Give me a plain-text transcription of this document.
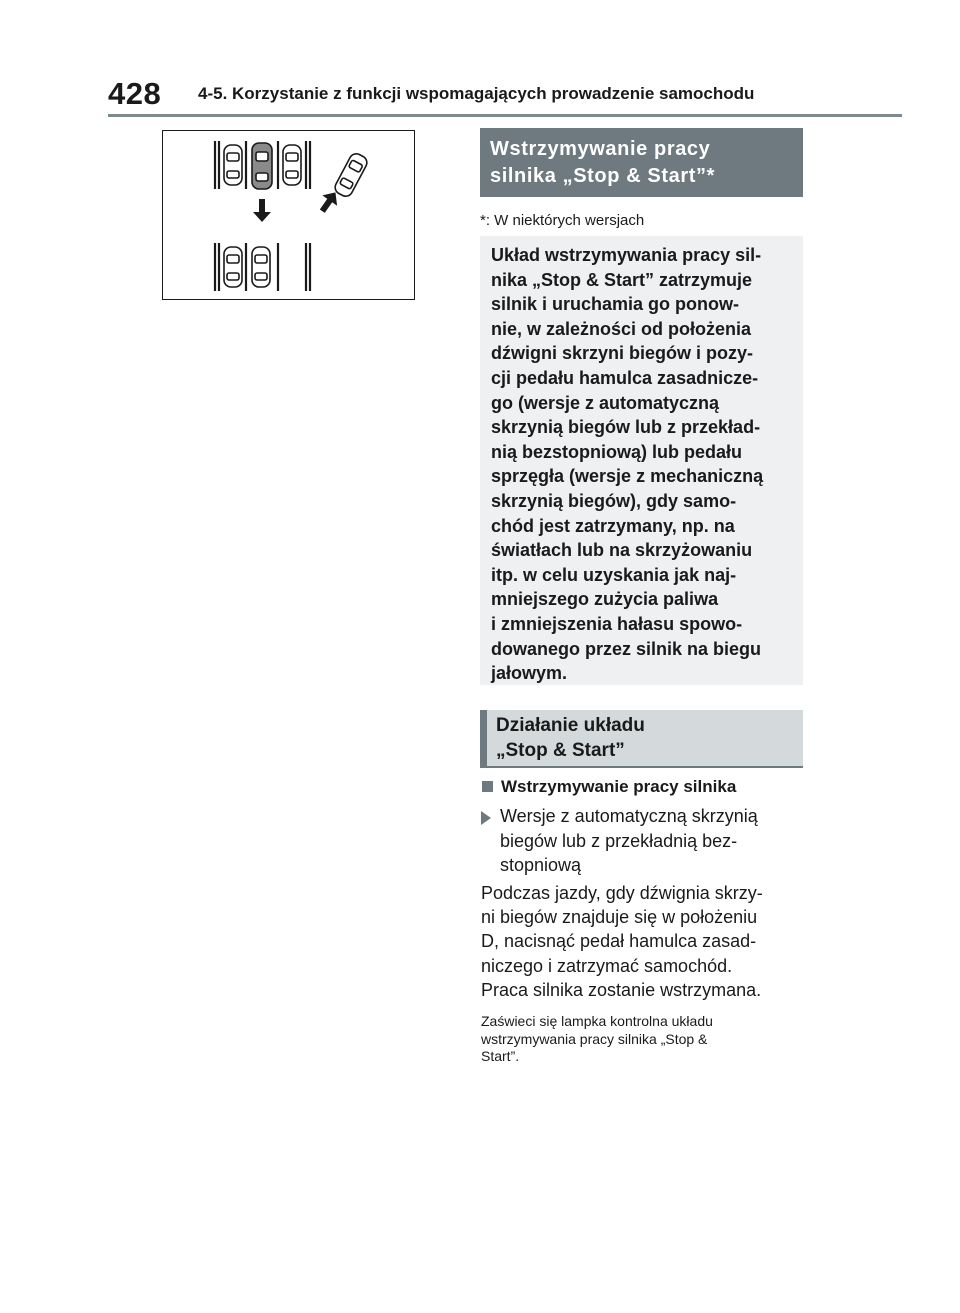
428 4-5. Korzystanie z funkcji wspomagających prowadzenie samochodu
Wstrzymywanie pracy
silnika „Stop & Start”*
*: W niektórych wersjach
Układ wstrzymywania pracy sil-
nika „Stop & Start” zatrzymuje
silnik i uruchamia go ponow-
nie, w zależności od położenia
dźwigni skrzyni biegów i pozy-
cji pedału hamulca zasadnicze-
go (wersje z automatyczną
skrzynią biegów lub z przekład-
nią bezstopniową) lub pedału
sprzęgła (wersje z mechaniczną
skrzynią biegów), gdy samo-
chód jest zatrzymany, np. na
światłach lub na skrzyżowaniu
itp. w celu uzyskania jak naj-
mniejszego zużycia paliwa
i zmniejszenia hałasu spowo-
dowanego przez silnik na biegu
jałowym.
Działanie układu
„Stop & Start”
Wstrzymywanie pracy silnika
Wersje z automatyczną skrzynią
biegów lub z przekładnią bez-
stopniową
Podczas jazdy, gdy dźwignia skrzy-
ni biegów znajduje się w położeniu
D, nacisnąć pedał hamulca zasad-
niczego i zatrzymać samochód.
Praca silnika zostanie wstrzymana.
Zaświeci się lampka kontrolna układu
wstrzymywania pracy silnika „Stop &
Start”.
